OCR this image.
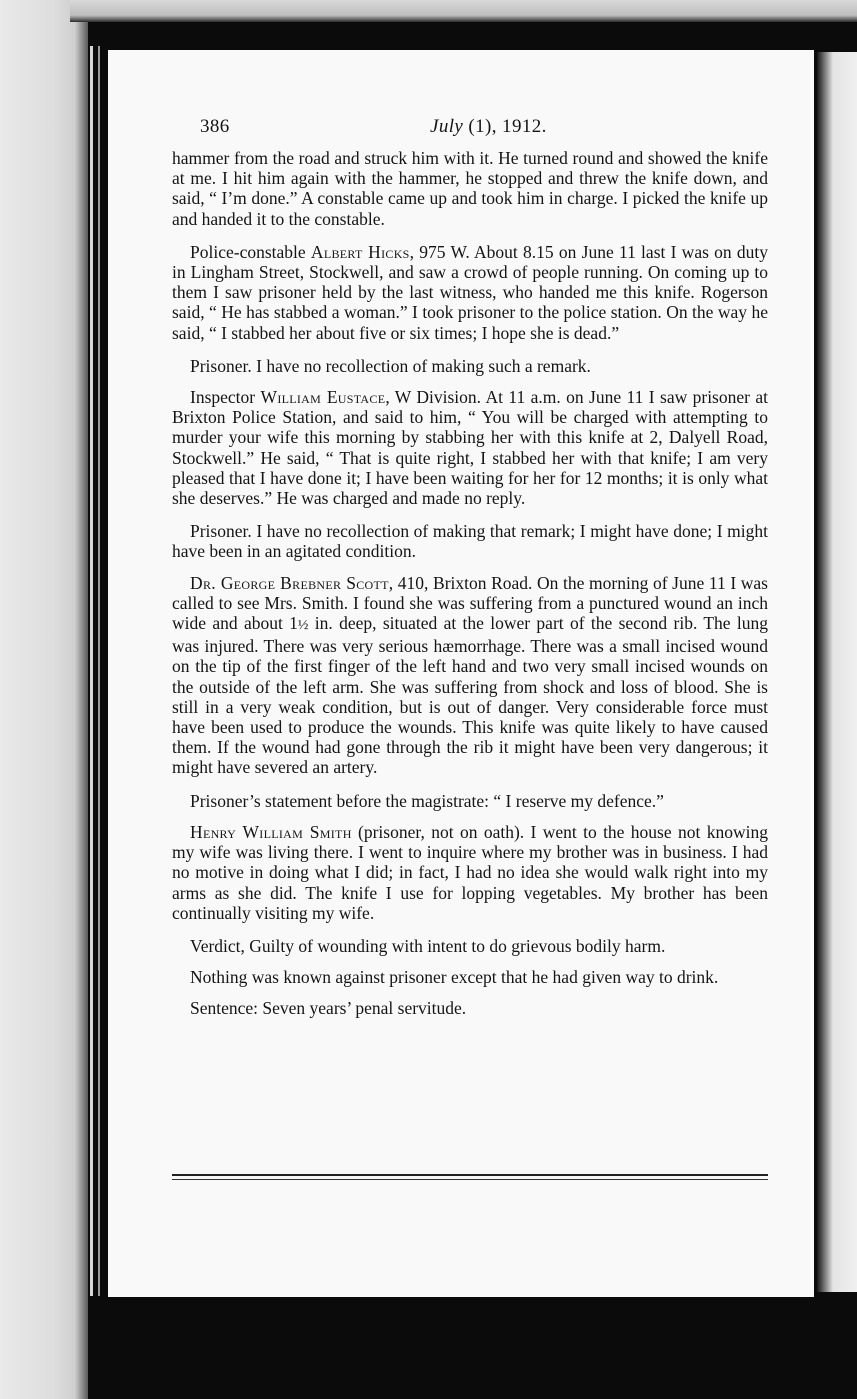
386	July (1), 1912.

hammer from the road and struck him with it. He turned round and showed the knife at me. I hit him again with the hammer, he stopped and threw the knife down, and said, “ I’m done.” A constable came up and took him in charge. I picked the knife up and handed it to the constable.

Police-constable Albert Hicks, 975 W. About 8.15 on June 11 last I was on duty in Lingham Street, Stockwell, and saw a crowd of people running. On coming up to them I saw prisoner held by the last witness, who handed me this knife. Rogerson said, “ He has stabbed a woman.” I took prisoner to the police station. On the way he said, “ I stabbed her about five or six times; I hope she is dead.”

Prisoner. I have no recollection of making such a remark.

Inspector William Eustace, W Division. At 11 a.m. on June 11 I saw prisoner at Brixton Police Station, and said to him, “ You will be charged with attempting to murder your wife this morning by stabbing her with this knife at 2, Dalyell Road, Stockwell.” He said, “ That is quite right, I stabbed her with that knife; I am very pleased that I have done it; I have been waiting for her for 12 months; it is only what she deserves.” He was charged and made no reply.

Prisoner. I have no recollection of making that remark; I might have done; I might have been in an agitated condition.

Dr. George Brebner Scott, 410, Brixton Road. On the morning of June 11 I was called to see Mrs. Smith. I found she was suffering from a punctured wound an inch wide and about 1½ in. deep, situated at the lower part of the second rib. The lung was injured. There was very serious hæmorrhage. There was a small incised wound on the tip of the first finger of the left hand and two very small incised wounds on the outside of the left arm. She was suffering from shock and loss of blood. She is still in a very weak condition, but is out of danger. Very considerable force must have been used to produce the wounds. This knife was quite likely to have caused them. If the wound had gone through the rib it might have been very dangerous; it might have severed an artery.

Prisoner’s statement before the magistrate: “ I reserve my defence.”

Henry William Smith (prisoner, not on oath). I went to the house not knowing my wife was living there. I went to inquire where my brother was in business. I had no motive in doing what I did; in fact, I had no idea she would walk right into my arms as she did. The knife I use for lopping vegetables. My brother has been continually visiting my wife.

Verdict, Guilty of wounding with intent to do grievous bodily harm.

Nothing was known against prisoner except that he had given way to drink.

Sentence: Seven years’ penal servitude.
